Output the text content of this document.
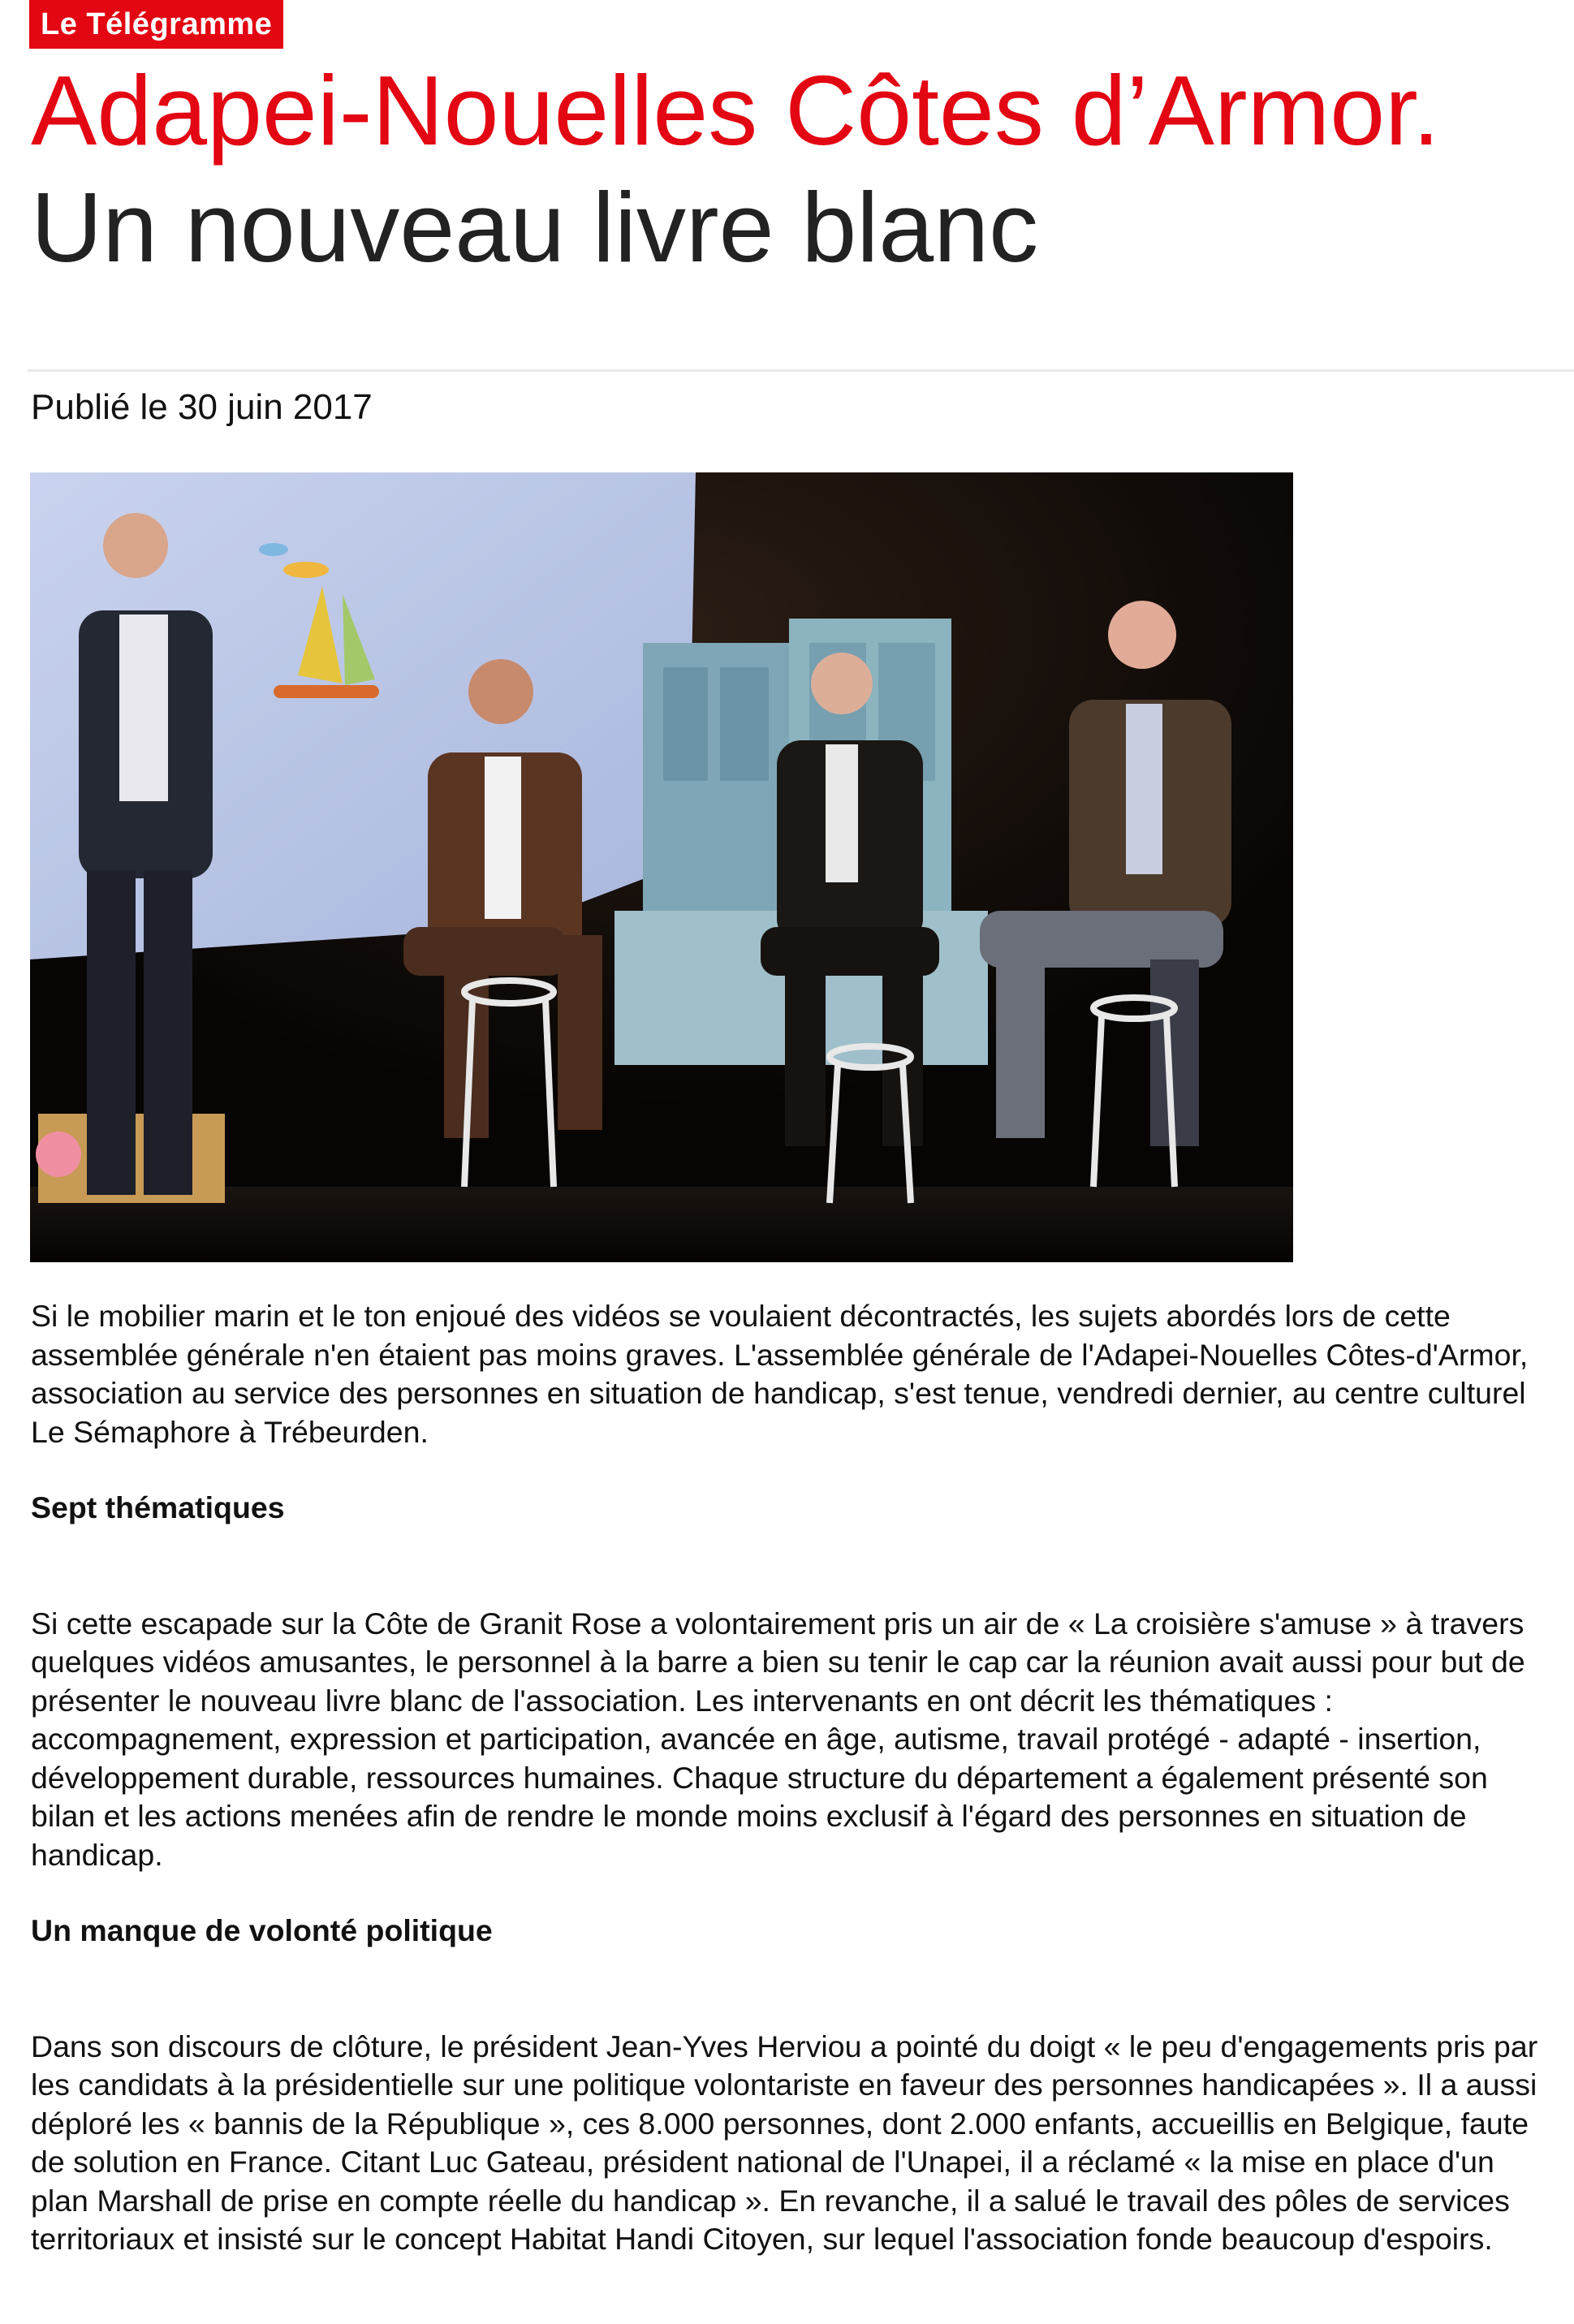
Le Télégramme
Adapei-Nouelles Côtes d’Armor.
Un nouveau livre blanc
Publié le 30 juin 2017

Si le mobilier marin et le ton enjoué des vidéos se voulaient décontractés, les sujets abordés lors de cette assemblée générale n'en étaient pas moins graves. L'assemblée générale de l'Adapei-Nouelles Côtes-d'Armor, association au service des personnes en situation de handicap, s'est tenue, vendredi dernier, au centre culturel Le Sémaphore à Trébeurden.

Sept thématiques

Si cette escapade sur la Côte de Granit Rose a volontairement pris un air de « La croisière s'amuse » à travers quelques vidéos amusantes, le personnel à la barre a bien su tenir le cap car la réunion avait aussi pour but de présenter le nouveau livre blanc de l'association. Les intervenants en ont décrit les thématiques : accompagnement, expression et participation, avancée en âge, autisme, travail protégé - adapté - insertion, développement durable, ressources humaines. Chaque structure du département a également présenté son bilan et les actions menées afin de rendre le monde moins exclusif à l'égard des personnes en situation de handicap.

Un manque de volonté politique

Dans son discours de clôture, le président Jean-Yves Herviou a pointé du doigt « le peu d'engagements pris par les candidats à la présidentielle sur une politique volontariste en faveur des personnes handicapées ». Il a aussi déploré les « bannis de la République », ces 8.000 personnes, dont 2.000 enfants, accueillis en Belgique, faute de solution en France. Citant Luc Gateau, président national de l'Unapei, il a réclamé « la mise en place d'un plan Marshall de prise en compte réelle du handicap ». En revanche, il a salué le travail des pôles de services territoriaux et insisté sur le concept Habitat Handi Citoyen, sur lequel l'association fonde beaucoup d'espoirs.
